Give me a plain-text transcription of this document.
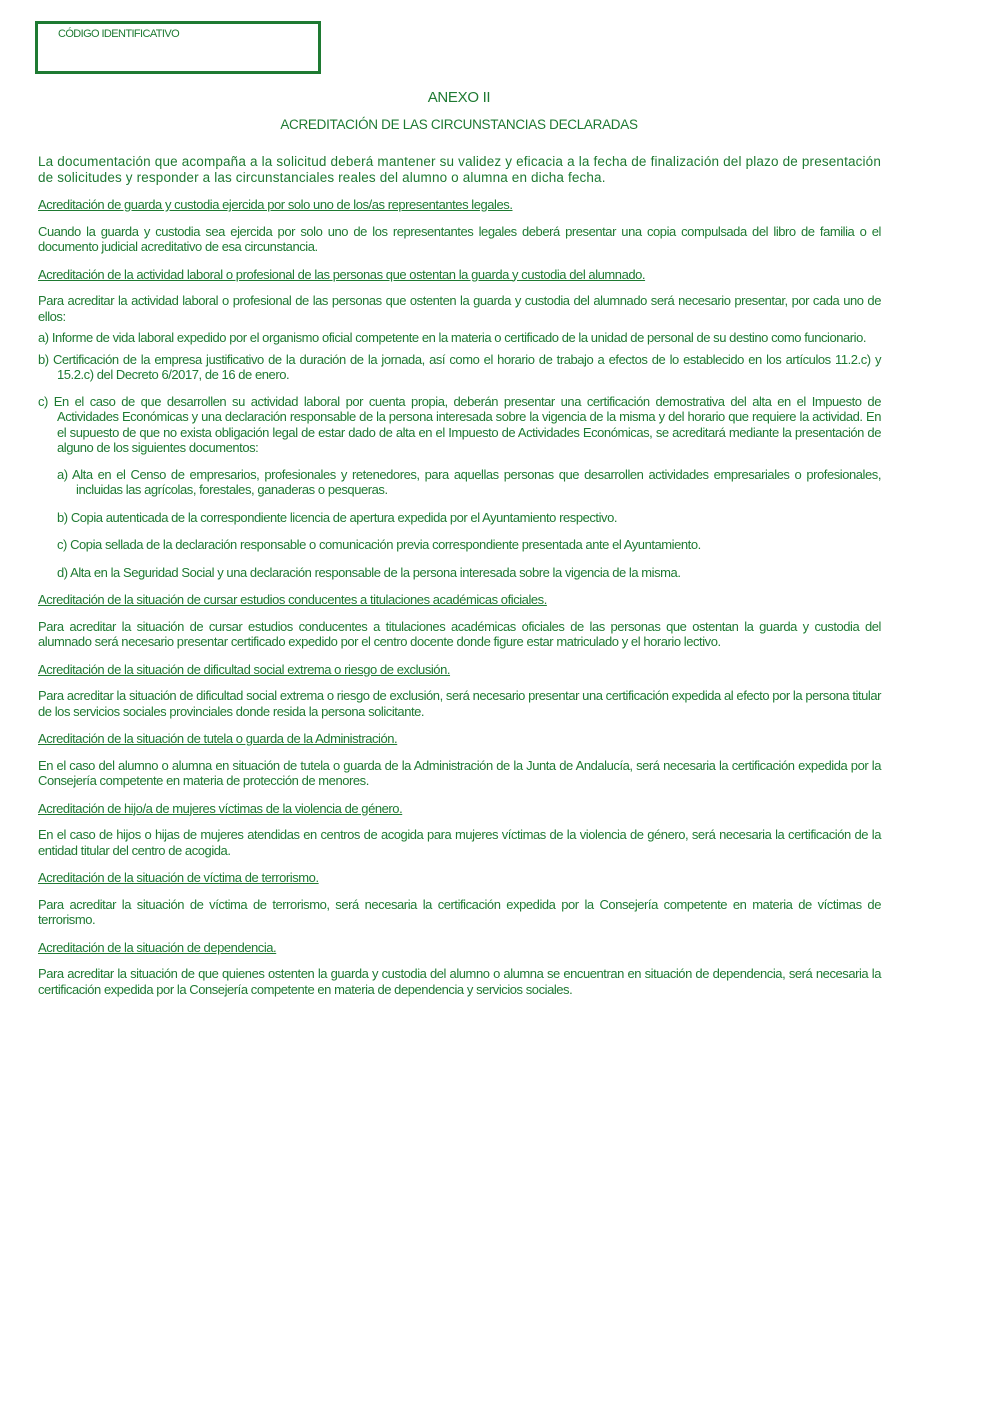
CÓDIGO IDENTIFICATIVO
ANEXO II
ACREDITACIÓN DE LAS CIRCUNSTANCIAS DECLARADAS

La documentación que acompaña a la solicitud deberá mantener su validez y eficacia a la fecha de finalización del plazo de presentación de solicitudes y responder a las circunstanciales reales del alumno o alumna en dicha fecha.

Acreditación de guarda y custodia ejercida por solo uno de los/as representantes legales.

Cuando la guarda y custodia sea ejercida por solo uno de los representantes legales deberá presentar una copia compulsada del libro de familia o el documento judicial acreditativo de esa circunstancia.

Acreditación de la actividad laboral o profesional de las personas que ostentan la guarda y custodia del alumnado.

Para acreditar la actividad laboral o profesional de las personas que ostenten la guarda y custodia del alumnado será necesario presentar, por cada uno de ellos:

a) Informe de vida laboral expedido por el organismo oficial competente en la materia o certificado de la unidad de personal de su destino como funcionario.

b) Certificación de la empresa justificativo de la duración de la jornada, así como el horario de trabajo a efectos de lo establecido en los artículos 11.2.c) y 15.2.c) del Decreto 6/2017, de 16 de enero.

c) En el caso de que desarrollen su actividad laboral por cuenta propia, deberán presentar una certificación demostrativa del alta en el Impuesto de Actividades Económicas y una declaración responsable de la persona interesada sobre la vigencia de la misma y del horario que requiere la actividad. En el supuesto de que no exista obligación legal de estar dado de alta en el Impuesto de Actividades Económicas, se acreditará mediante la presentación de alguno de los siguientes documentos:

a) Alta en el Censo de empresarios, profesionales y retenedores, para aquellas personas que desarrollen actividades empresariales o profesionales, incluidas las agrícolas, forestales, ganaderas o pesqueras.

b) Copia autenticada de la correspondiente licencia de apertura expedida por el Ayuntamiento respectivo.

c) Copia sellada de la declaración responsable o comunicación previa correspondiente presentada ante el Ayuntamiento.

d) Alta en la Seguridad Social y una declaración responsable de la persona interesada sobre la vigencia de la misma.

Acreditación de la situación de cursar estudios conducentes a titulaciones académicas oficiales.

Para acreditar la situación de cursar estudios conducentes a titulaciones académicas oficiales de las personas que ostentan la guarda y custodia del alumnado será necesario presentar certificado expedido por el centro docente donde figure estar matriculado y el horario lectivo.

Acreditación de la situación de dificultad social extrema o riesgo de exclusión.

Para acreditar la situación de dificultad social extrema o riesgo de exclusión, será necesario presentar una certificación expedida al efecto por la persona titular de los servicios sociales provinciales donde resida la persona solicitante.

Acreditación de la situación de tutela o guarda de la Administración.

En el caso del alumno o alumna en situación de tutela o guarda de la Administración de la Junta de Andalucía, será necesaria la certificación expedida por la Consejería competente en materia de protección de menores.

Acreditación de hijo/a de mujeres víctimas de la violencia de género.

En el caso de hijos o hijas de mujeres atendidas en centros de acogida para mujeres víctimas de la violencia de género, será necesaria la certificación de la entidad titular del centro de acogida.

Acreditación de la situación de víctima de terrorismo.

Para acreditar la situación de víctima de terrorismo, será necesaria la certificación expedida por la Consejería competente en materia de víctimas de terrorismo.

Acreditación de la situación de dependencia.

Para acreditar la situación de que quienes ostenten la guarda y custodia del alumno o alumna se encuentran en situación de dependencia, será necesaria la certificación expedida por la Consejería competente en materia de dependencia y servicios sociales.
